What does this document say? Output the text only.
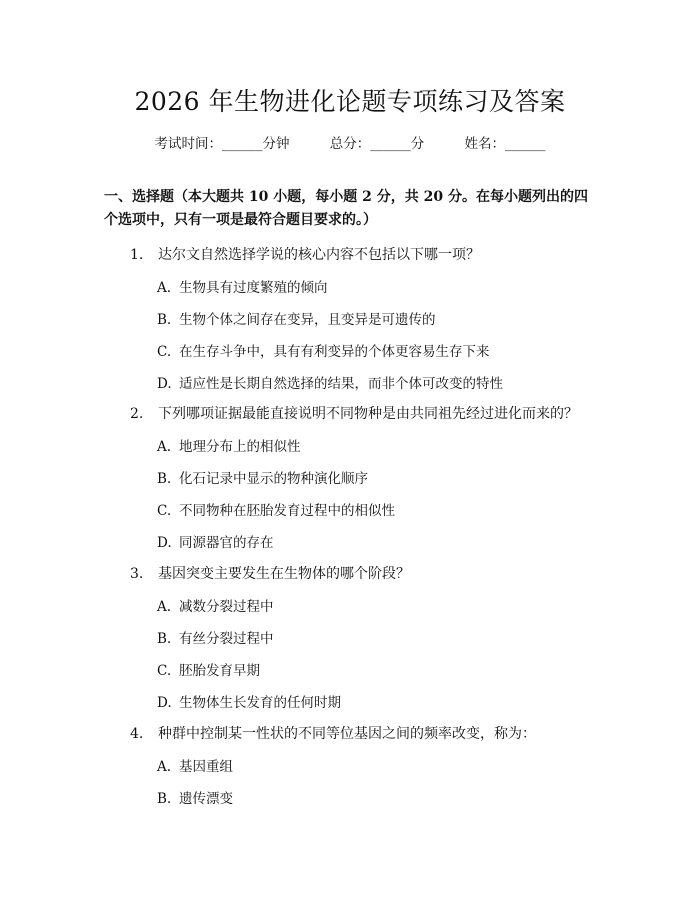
2026 年生物进化论题专项练习及答案
考试时间：______分钟	总分：______分	姓名：______
一、选择题（本大题共 10 小题，每小题 2 分，共 20 分。在每小题列出的四个选项中，只有一项是最符合题目要求的。）
1. 达尔文自然选择学说的核心内容不包括以下哪一项？
A. 生物具有过度繁殖的倾向
B. 生物个体之间存在变异，且变异是可遗传的
C. 在生存斗争中，具有有利变异的个体更容易生存下来
D. 适应性是长期自然选择的结果，而非个体可改变的特性
2. 下列哪项证据最能直接说明不同物种是由共同祖先经过进化而来的？
A. 地理分布上的相似性
B. 化石记录中显示的物种演化顺序
C. 不同物种在胚胎发育过程中的相似性
D. 同源器官的存在
3. 基因突变主要发生在生物体的哪个阶段？
A. 减数分裂过程中
B. 有丝分裂过程中
C. 胚胎发育早期
D. 生物体生长发育的任何时期
4. 种群中控制某一性状的不同等位基因之间的频率改变，称为：
A. 基因重组
B. 遗传漂变
